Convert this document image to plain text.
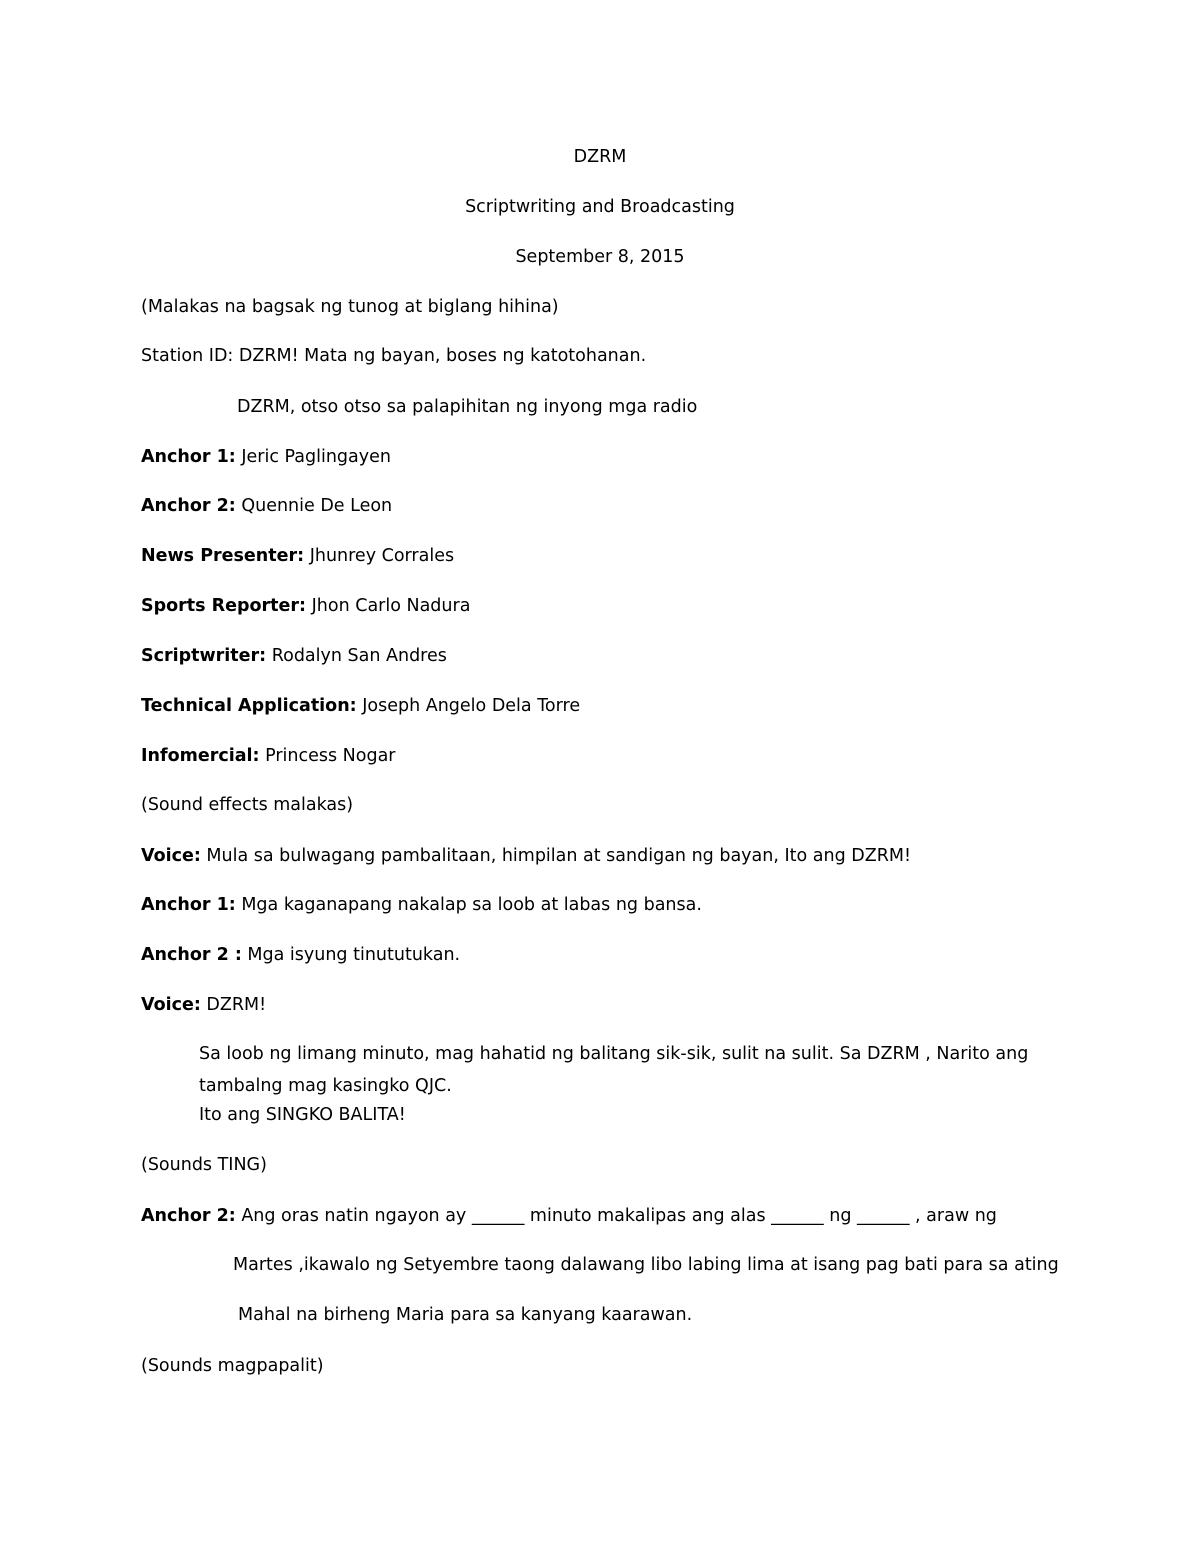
DZRM
Scriptwriting and Broadcasting
September 8, 2015
(Malakas na bagsak ng tunog at biglang hihina)
Station ID: DZRM! Mata ng bayan, boses ng katotohanan.
DZRM, otso otso sa palapihitan ng inyong mga radio
Anchor 1: Jeric Paglingayen
Anchor 2: Quennie De Leon
News Presenter: Jhunrey Corrales
Sports Reporter: Jhon Carlo Nadura
Scriptwriter: Rodalyn San Andres
Technical Application: Joseph Angelo Dela Torre
Infomercial: Princess Nogar
(Sound effects malakas)
Voice: Mula sa bulwagang pambalitaan, himpilan at sandigan ng bayan, Ito ang DZRM!
Anchor 1: Mga kaganapang nakalap sa loob at labas ng bansa.
Anchor 2 : Mga isyung tinututukan.
Voice: DZRM!
Sa loob ng limang minuto, mag hahatid ng balitang sik-sik, sulit na sulit. Sa DZRM , Narito ang
tambalng mag kasingko QJC.
Ito ang SINGKO BALITA!
(Sounds TING)
Anchor 2: Ang oras natin ngayon ay ______ minuto makalipas ang alas ______ ng ______ , araw ng
Martes ,ikawalo ng Setyembre taong dalawang libo labing lima at isang pag bati para sa ating
Mahal na birheng Maria para sa kanyang kaarawan.
(Sounds magpapalit)
